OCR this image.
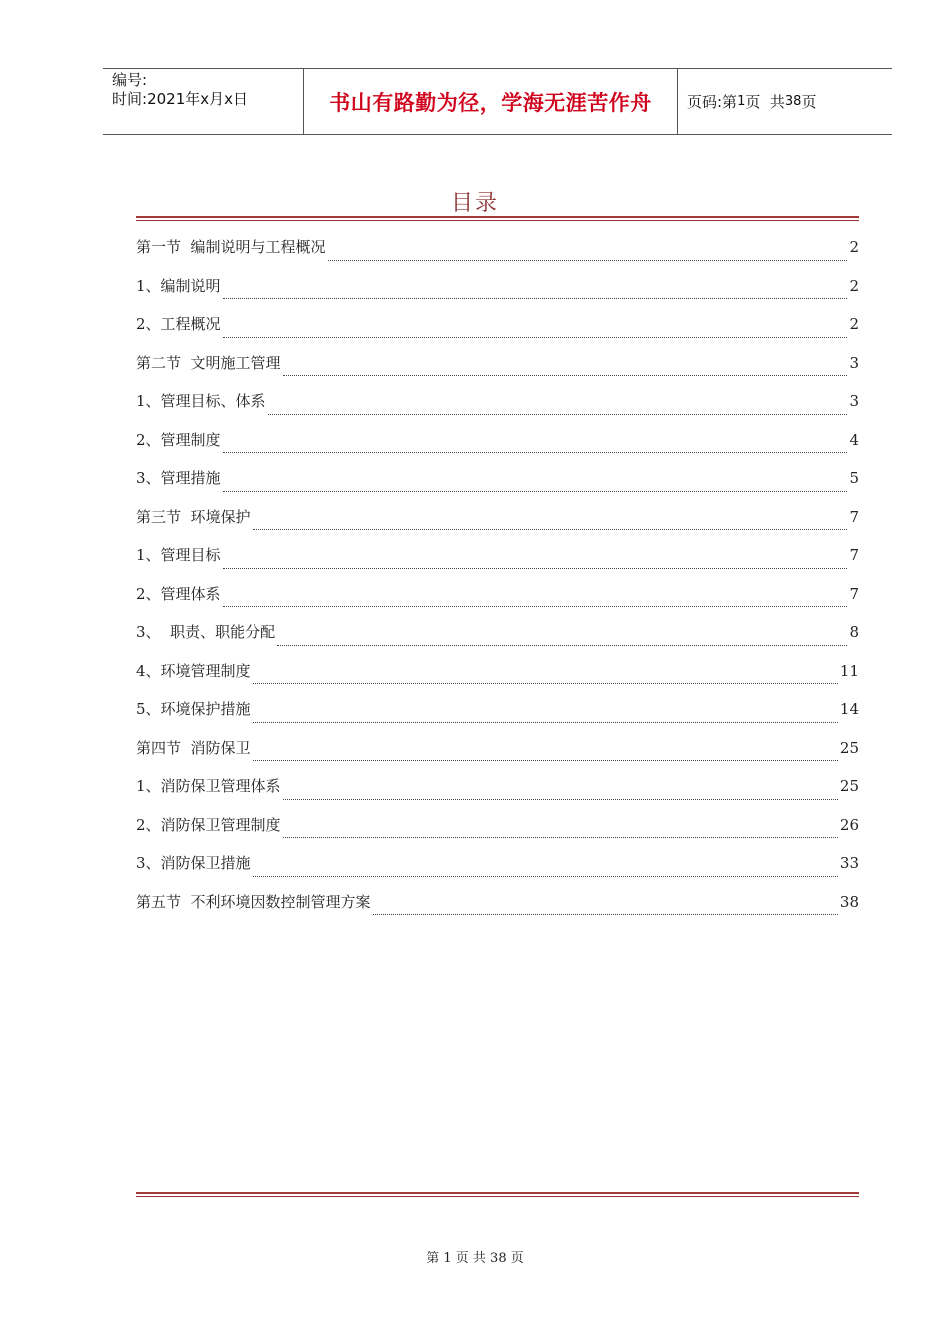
编号:
时间:2021年x月x日	书山有路勤为径，学海无涯苦作舟	页码:第 1 页  共 38 页
目录
第一节  编制说明与工程概况	2
1、编制说明	2
2、工程概况	2
第二节  文明施工管理	3
1、管理目标、体系	3
2、管理制度	4
3、管理措施	5
第三节  环境保护	7
1、管理目标	7
2、管理体系	7
3、  职责、职能分配	8
4、环境管理制度	11
5、环境保护措施	14
第四节  消防保卫	25
1、消防保卫管理体系	25
2、消防保卫管理制度	26
3、消防保卫措施	33
第五节  不利环境因数控制管理方案	38
第 1 页 共 38 页
